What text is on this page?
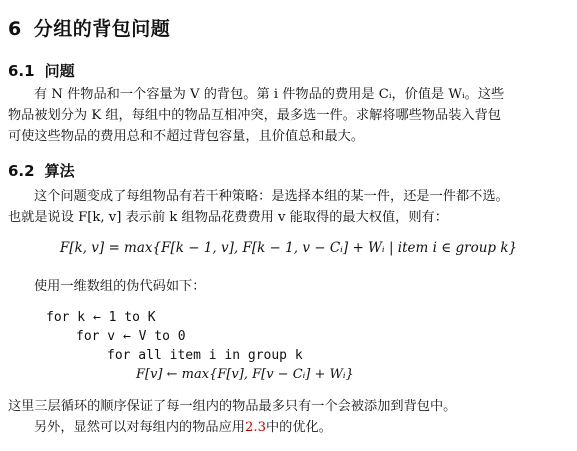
6 分组的背包问题
6.1 问题
有 N 件物品和一个容量为 V 的背包。第 i 件物品的费用是 Cᵢ，价值是 Wᵢ。这些
物品被划分为 K 组，每组中的物品互相冲突，最多选一件。求解将哪些物品装入背包
可使这些物品的费用总和不超过背包容量，且价值总和最大。
6.2 算法
这个问题变成了每组物品有若干种策略：是选择本组的某一件，还是一件都不选。
也就是说设 F[k, v] 表示前 k 组物品花费费用 v 能取得的最大权值，则有：
F[k, v] = max{F[k − 1, v], F[k − 1, v − Cᵢ] + Wᵢ | item i ∈ group k}
使用一维数组的伪代码如下：
for k ← 1 to K
for v ← V to 0
for all item i in group k
F[v] ← max{F[v], F[v − Cᵢ] + Wᵢ}
这里三层循环的顺序保证了每一组内的物品最多只有一个会被添加到背包中。
另外，显然可以对每组内的物品应用2.3中的优化。
